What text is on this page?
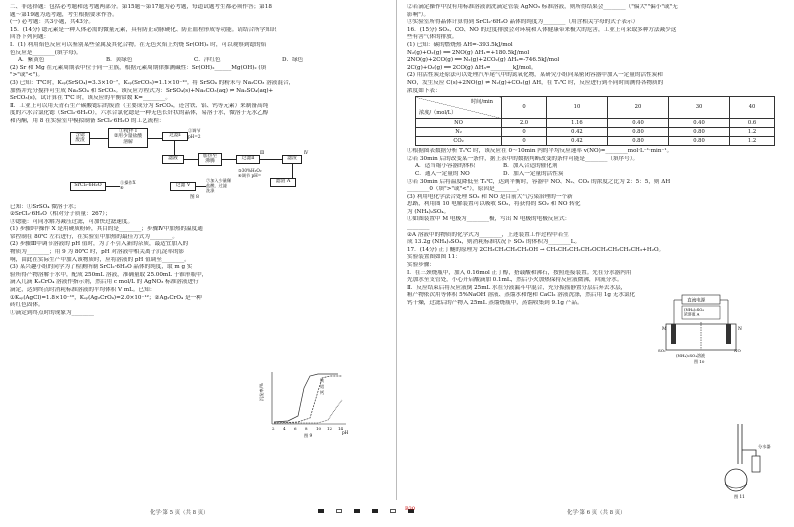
二、非选择题：包括必考题和选考题两部分。第15题～第17题为必考题，每道试题考生都必须作答；第18

题～第19题为选考题，考生根据要求作答。

(一) 必考题：共3小题，共43分。

15．(14分) 锶元素是一种人体必需的微量元素，具有防止动脉硬化、防止血栓形成等功能。请结合所学知识

回答下列问题：

Ⅰ．(1) 利用焰色反应可以鉴别某些金属及其化合物。在无色火焰上灼烧 Sr(OH)₂ 时，可以观察到锶的焰

色反应是________(填字母)。

A．紫黄色	B．黄绿色	C．洋红色	D．绿色

(2) Sr 和 Mg 在元素周期表中位于同一主族，根据元素周期律推测碱性：Sr(OH)₂______Mg(OH)₂ (填

">"或"<")。

(3) 已知：T℃时，Kₛₚ(SrSO₄)=3.3×10⁻⁷，Kₛₚ(SrCO₃)=1.1×10⁻¹⁰。将 SrSO₄ 的粉末与 Na₂CO₃ 溶液混合，

加热并充分搅拌可生成 Na₂SO₄ 和 SrCO₃。该反应方程式为：SrSO₄(s)+Na₂CO₃(aq) ⇌ Na₂SO₄(aq)+

SrCO₃(s)，试计算在 T℃ 时，该反应的平衡常数 K=________。

Ⅱ．工业上可以用天青石生产碳酸锶后的废渣（主要成分为 SrCO₃，还含铁、铝、钙等元素）来制备高纯

度的六水合氯化锶（SrCl₂·6H₂O），六水合氯化锶是一种无色长针状的晶体，易溶于水，微溶于无水乙醇

和丙酮，用 8 在实验室中模拟制备 SrCl₂·6H₂O 的工艺流程：

含锶
废渣
①搅拌 Ⅰ
②用少量盐酸
溶解
过滤Ⅰ
②调节
pH=2
滤液	加热至
沸腾
过滤Ⅱ
Ⅲ
滤渣
Ⅳ
滤渣 A
③30%H₂O₂
④调节 pH=
SrCl₂·6H₂O
⑤操作X
⑥	过滤 Ⅴ
⑦加入少量稀
盐酸，过滤
洗涤
图 8

已知：①SrSO₄ 微溶于水；

②SrCl₂·6H₂O（相对分子质量：267）；

③锶能：可同水解为减压过滤，可加快过滤速度。

(1) 步骤Ⅰ中操作 X 是用硬质粉碎，其目的是________；步骤Ⅳ中加热的温度通

常控制在 80℃ 左右进行，在实验室中加热的最佳方式为________。

(2) 步骤Ⅲ中调节溶液的 pH 值时，为了不引入新的杂质，最适宜加入的

物质为________；用 9 为 80℃ 时，pH 对溶液中相关离子沉淀率的影

响，由此在实际生产中加入该物质时，应将溶液的 pH 值调至________。

(3) 某兴趣小组的同学为了检测所制 SrCl₂·6H₂O 晶体的纯度，取 m g 实

验所得产物溶解于水中，配成 250mL 溶液，准确量取 25.00mL 于锥形瓶中，

滴入几滴 K₂CrO₄ 溶液作指示剂，然后用 c mol/L 的 AgNO₃ 标准溶液进行

滴定，达到终点时消耗标准溶液的平均体积 V mL。已知：

①Kₛₚ(AgCl)=1.8×10⁻¹⁰，Kₛₚ(Ag₂CrO₄)=2.0×10⁻¹²；②Ag₂CrO₄ 是一种

砖红色固体。

①滴定到终点时的现象为________

化学·第 5 页（共 8 页）
沉淀率/%
铁
铝
钙
2 4 6 8 10 12 14
pH
图 9

②若滴定操作中没有用标准溶液润洗滴定管装 AgNO₃ 标准溶液，则所得结果会________（"偏大""偏小"或"无

影响"）。

③实验室所得晶体计算得到 SrCl₂·6H₂O 晶体的纯度为________（用含相关字母的式子表示）

16．(15分) SO₂、CO、NO 的过度排放会对环境和人体健康带来极大的危害，工业上可采取多种方法减少这

些有害气体的排放。

(1) 已知：碳的燃烧热 ΔH=-393.5kJ/mol

N₂(g)+O₂(g) ══ 2NO(g) ΔH₁=+180.5kJ/mol

2NO(g)+2CO(g) ══ N₂(g)+2CO₂(g) ΔH₂=-746.5kJ/mol

2C(g)+O₂(g) ══ 2CO(g) ΔH₃=________kJ/mol。

(2) 用活性炭还原法可以处理汽车尾气中的氮氧化物，某研究小组向某密闭容器中加入一定量的活性炭和

NO，发生反应 C(s)+2NO(g) ⇌ N₂(g)+CO₂(g) ΔH，在 T₁℃ 时，反应进行到不同时间测得各物质的

浓度如下表：

时间/min
浓度/（mol/L）	0	10	20	30	40
NO	2.0	1.16	0.40	0.40	0.6
N₂	0	0.42	0.80	0.80	1.2
CO₂	0	0.42	0.80	0.80	1.2

①根据图表数据分析 T₁℃ 时，该反应在 0～10min 内的平均反应速率 v(NO)=________mol·L⁻¹·min⁻¹。

②若 30min 后的改变某一条件，据上表中的数据判断改变的条件可能是________（填序号）。

A．适当缩小容器的体积	B．加入合适的催化剂

C．通入一定量的 NO	D．加入一定量的活性炭

③若 30min 后将温度降低至 T₂℃，达到平衡时，容器中 NO、N₂、CO₂ 的浓度之比为 2：5：5，则 ΔH

________0（填">"或"<"），原因是________。

(3) 利用电化学法合处理 SO₂ 和 NO 是目前大气污染治理的一个新

思路，利用图 10 电解装置可以吸收 SO₂，将获得的 SO₂ 和 NO 转化

为 (NH₄)₂SO₄。

①如图装置中 M 电极为________极，写出 N 电极的电极反应式：

________

②A 溶液中的物质的化学式为________，上述装置工作过程中若生

成 13.2g (NH₄)₂SO₄，则消耗标准状况下 SO₂ 的体积为________L。

17．(14分) 正丁醚的原理为 2CH₃CH₂CH₂CH₂OH → CH₃CH₂CH₂CH₂OCH₂CH₂CH₂CH₃+H₂O。

实验装置图如图 11：

实验步骤：

Ⅰ．在三颈烧瓶中，加入 0.16mol 正丁醇，搭载酸和沸石，按照连接装置。先在分水器内用

先加水至支管处，小心开启酸滴加 0.1mL，然后小火加热保持反应液微沸，回流分水。

Ⅱ．反应结束后将反应液倒 25mL 水在分液漏斗中混合，充分振摇静置分层后弃去水层，

粗产物依次用等体积 5%NaOH 溶液、蒸馏水和饱和 CaCl₂ 溶液洗涤，然后用 1g 无水氯化

钙干燥，过滤后的产物入 25mL 蒸馏烧瓶中，蒸馏收集到 9.1g 产品。

化学·第 6 页（共 8 页）
直流电源
(NH₄)₂SO₄ 浓溶液 A
M	N
SO₂	NO
(NH₄)₂SO₄溶液
图 10
分水器
图 11
B30
